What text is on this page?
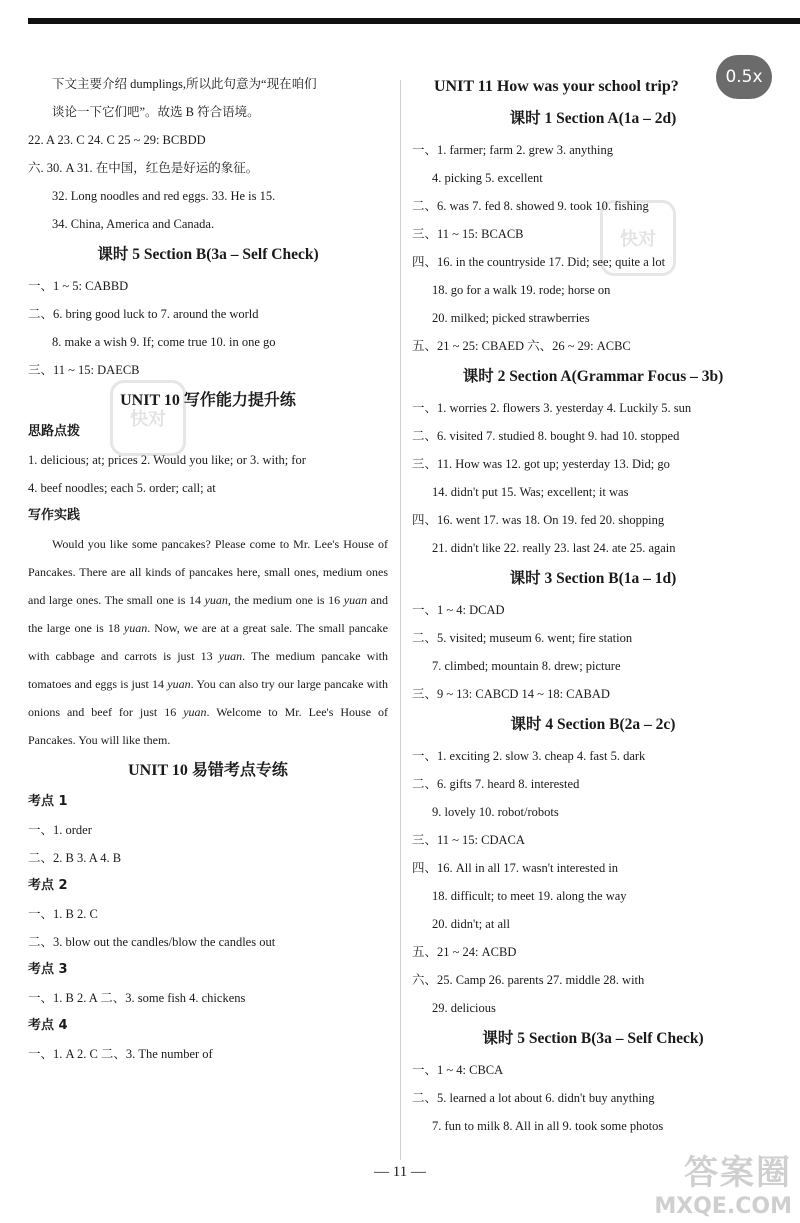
快对
快对
下文主要介绍 dumplings,所以此句意为“现在咱们
谈论一下它们吧”。故选 B 符合语境。
22. A 23. C 24. C 25 ~ 29: BCBDD
六. 30. A 31. 在中国，红色是好运的象征。
32. Long noodles and red eggs. 33. He is 15.
34. China, America and Canada.
课时 5 Section B(3a – Self Check)
一、1 ~ 5: CABBD
二、6. bring good luck to 7. around the world
8. make a wish 9. If; come true 10. in one go
三、11 ~ 15: DAECB
UNIT 10 写作能力提升练
思路点拨
1. delicious; at; prices 2. Would you like; or 3. with; for
4. beef noodles; each 5. order; call; at
写作实践

Would you like some pancakes? Please come to Mr. Lee's House of Pancakes. There are all kinds of pancakes here, small ones, medium ones and large ones. The small one is 14 yuan, the medium one is 16 yuan and the large one is 18 yuan. Now, we are at a great sale. The small pancake with cabbage and carrots is just 13 yuan. The medium pancake with tomatoes and eggs is just 14 yuan. You can also try our large pancake with onions and beef for just 16 yuan. Welcome to Mr. Lee's House of Pancakes. You will like them.

UNIT 10 易错考点专练
考点 1
一、1. order
二、2. B 3. A 4. B
考点 2
一、1. B 2. C
二、3. blow out the candles/blow the candles out
考点 3
一、1. B 2. A 二、3. some fish 4. chickens
考点 4
一、1. A 2. C 二、3. The number of
UNIT 11 How was your school trip?
课时 1 Section A(1a – 2d)
一、1. farmer; farm 2. grew 3. anything
4. picking 5. excellent
二、6. was 7. fed 8. showed 9. took 10. fishing
三、11 ~ 15: BCACB
四、16. in the countryside 17. Did; see; quite a lot
18. go for a walk 19. rode; horse on
20. milked; picked strawberries
五、21 ~ 25: CBAED 六、26 ~ 29: ACBC
课时 2 Section A(Grammar Focus – 3b)
一、1. worries 2. flowers 3. yesterday 4. Luckily 5. sun
二、6. visited 7. studied 8. bought 9. had 10. stopped
三、11. How was 12. got up; yesterday 13. Did; go
14. didn't put 15. Was; excellent; it was
四、16. went 17. was 18. On 19. fed 20. shopping
21. didn't like 22. really 23. last 24. ate 25. again
课时 3 Section B(1a – 1d)
一、1 ~ 4: DCAD
二、5. visited; museum 6. went; fire station
7. climbed; mountain 8. drew; picture
三、9 ~ 13: CABCD 14 ~ 18: CABAD
课时 4 Section B(2a – 2c)
一、1. exciting 2. slow 3. cheap 4. fast 5. dark
二、6. gifts 7. heard 8. interested
9. lovely 10. robot/robots
三、11 ~ 15: CDACA
四、16. All in all 17. wasn't interested in
18. difficult; to meet 19. along the way
20. didn't; at all
五、21 ~ 24: ACBD
六、25. Camp 26. parents 27. middle 28. with
29. delicious
课时 5 Section B(3a – Self Check)
一、1 ~ 4: CBCA
二、5. learned a lot about 6. didn't buy anything
7. fun to milk 8. All in all 9. took some photos
0.5x
— 11 —	答案圈
MXQE.COM
